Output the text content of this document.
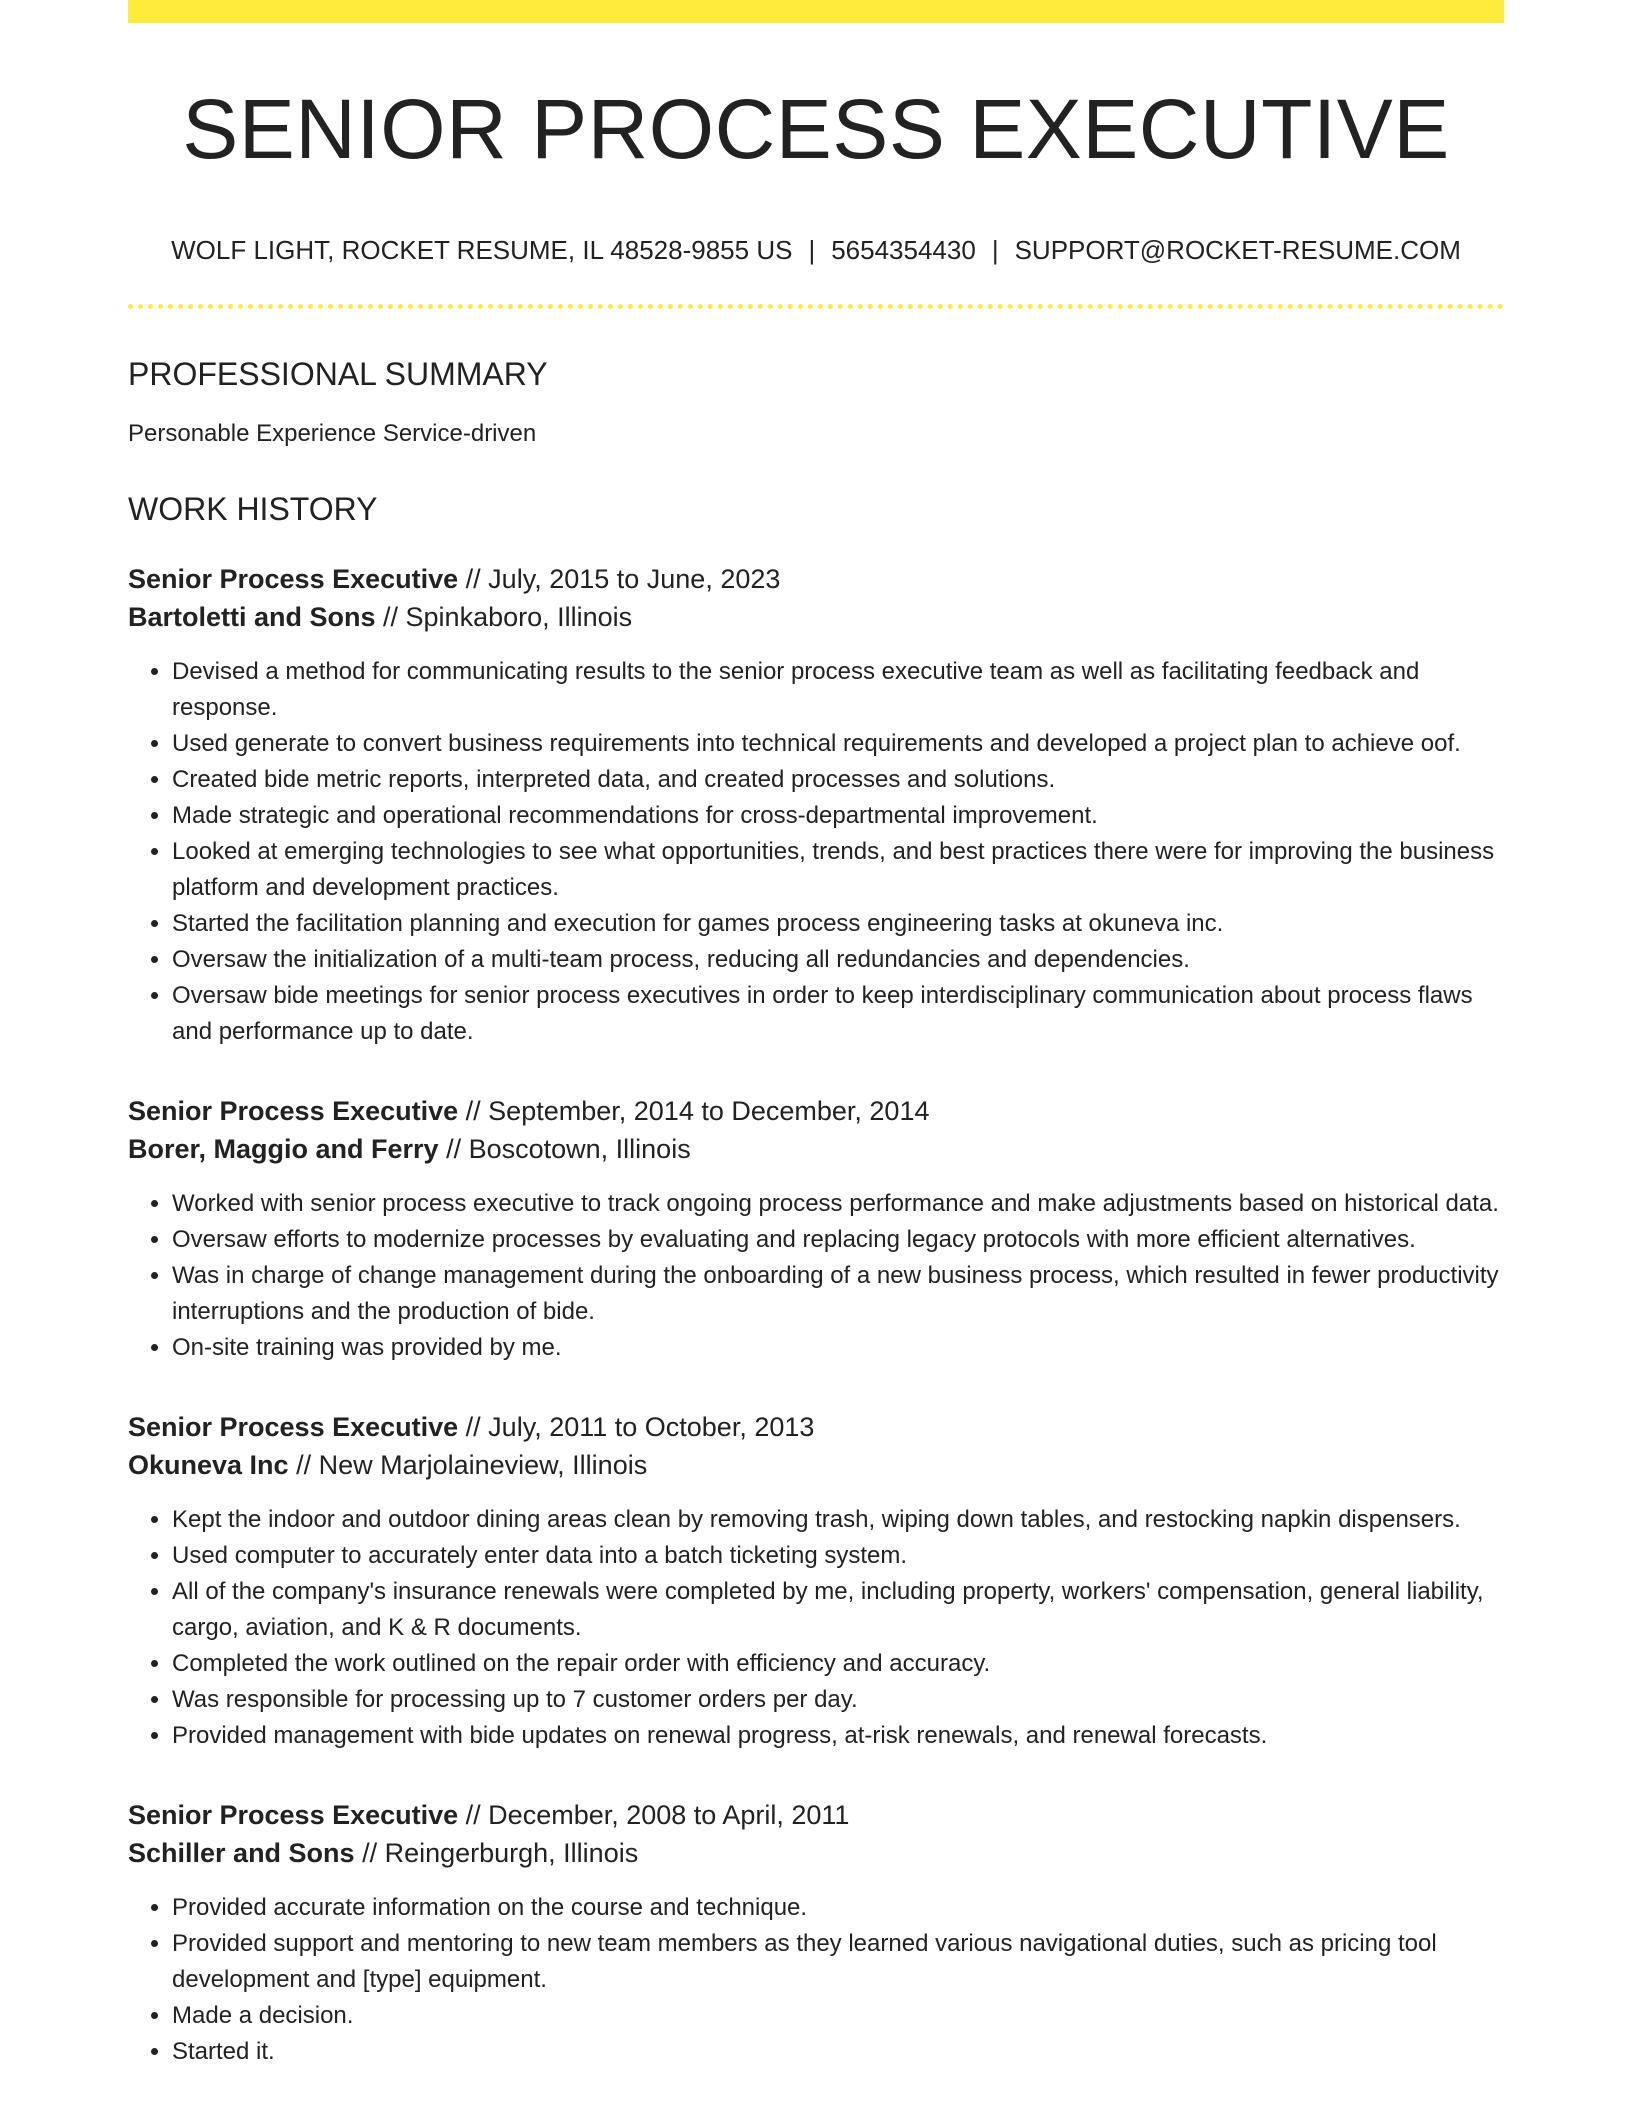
SENIOR PROCESS EXECUTIVE
WOLF LIGHT, ROCKET RESUME, IL 48528-9855 US | 5654354430 | SUPPORT@ROCKET-RESUME.COM
PROFESSIONAL SUMMARY
Personable Experience Service-driven
WORK HISTORY
Senior Process Executive // July, 2015 to June, 2023
Bartoletti and Sons // Spinkaboro, Illinois
• Devised a method for communicating results to the senior process executive team as well as facilitating feedback and response.
• Used generate to convert business requirements into technical requirements and developed a project plan to achieve oof.
• Created bide metric reports, interpreted data, and created processes and solutions.
• Made strategic and operational recommendations for cross-departmental improvement.
• Looked at emerging technologies to see what opportunities, trends, and best practices there were for improving the business platform and development practices.
• Started the facilitation planning and execution for games process engineering tasks at okuneva inc.
• Oversaw the initialization of a multi-team process, reducing all redundancies and dependencies.
• Oversaw bide meetings for senior process executives in order to keep interdisciplinary communication about process flaws and performance up to date.
Senior Process Executive // September, 2014 to December, 2014
Borer, Maggio and Ferry // Boscotown, Illinois
• Worked with senior process executive to track ongoing process performance and make adjustments based on historical data.
• Oversaw efforts to modernize processes by evaluating and replacing legacy protocols with more efficient alternatives.
• Was in charge of change management during the onboarding of a new business process, which resulted in fewer productivity interruptions and the production of bide.
• On-site training was provided by me.
Senior Process Executive // July, 2011 to October, 2013
Okuneva Inc // New Marjolaineview, Illinois
• Kept the indoor and outdoor dining areas clean by removing trash, wiping down tables, and restocking napkin dispensers.
• Used computer to accurately enter data into a batch ticketing system.
• All of the company's insurance renewals were completed by me, including property, workers' compensation, general liability, cargo, aviation, and K & R documents.
• Completed the work outlined on the repair order with efficiency and accuracy.
• Was responsible for processing up to 7 customer orders per day.
• Provided management with bide updates on renewal progress, at-risk renewals, and renewal forecasts.
Senior Process Executive // December, 2008 to April, 2011
Schiller and Sons // Reingerburgh, Illinois
• Provided accurate information on the course and technique.
• Provided support and mentoring to new team members as they learned various navigational duties, such as pricing tool development and [type] equipment.
• Made a decision.
• Started it.
